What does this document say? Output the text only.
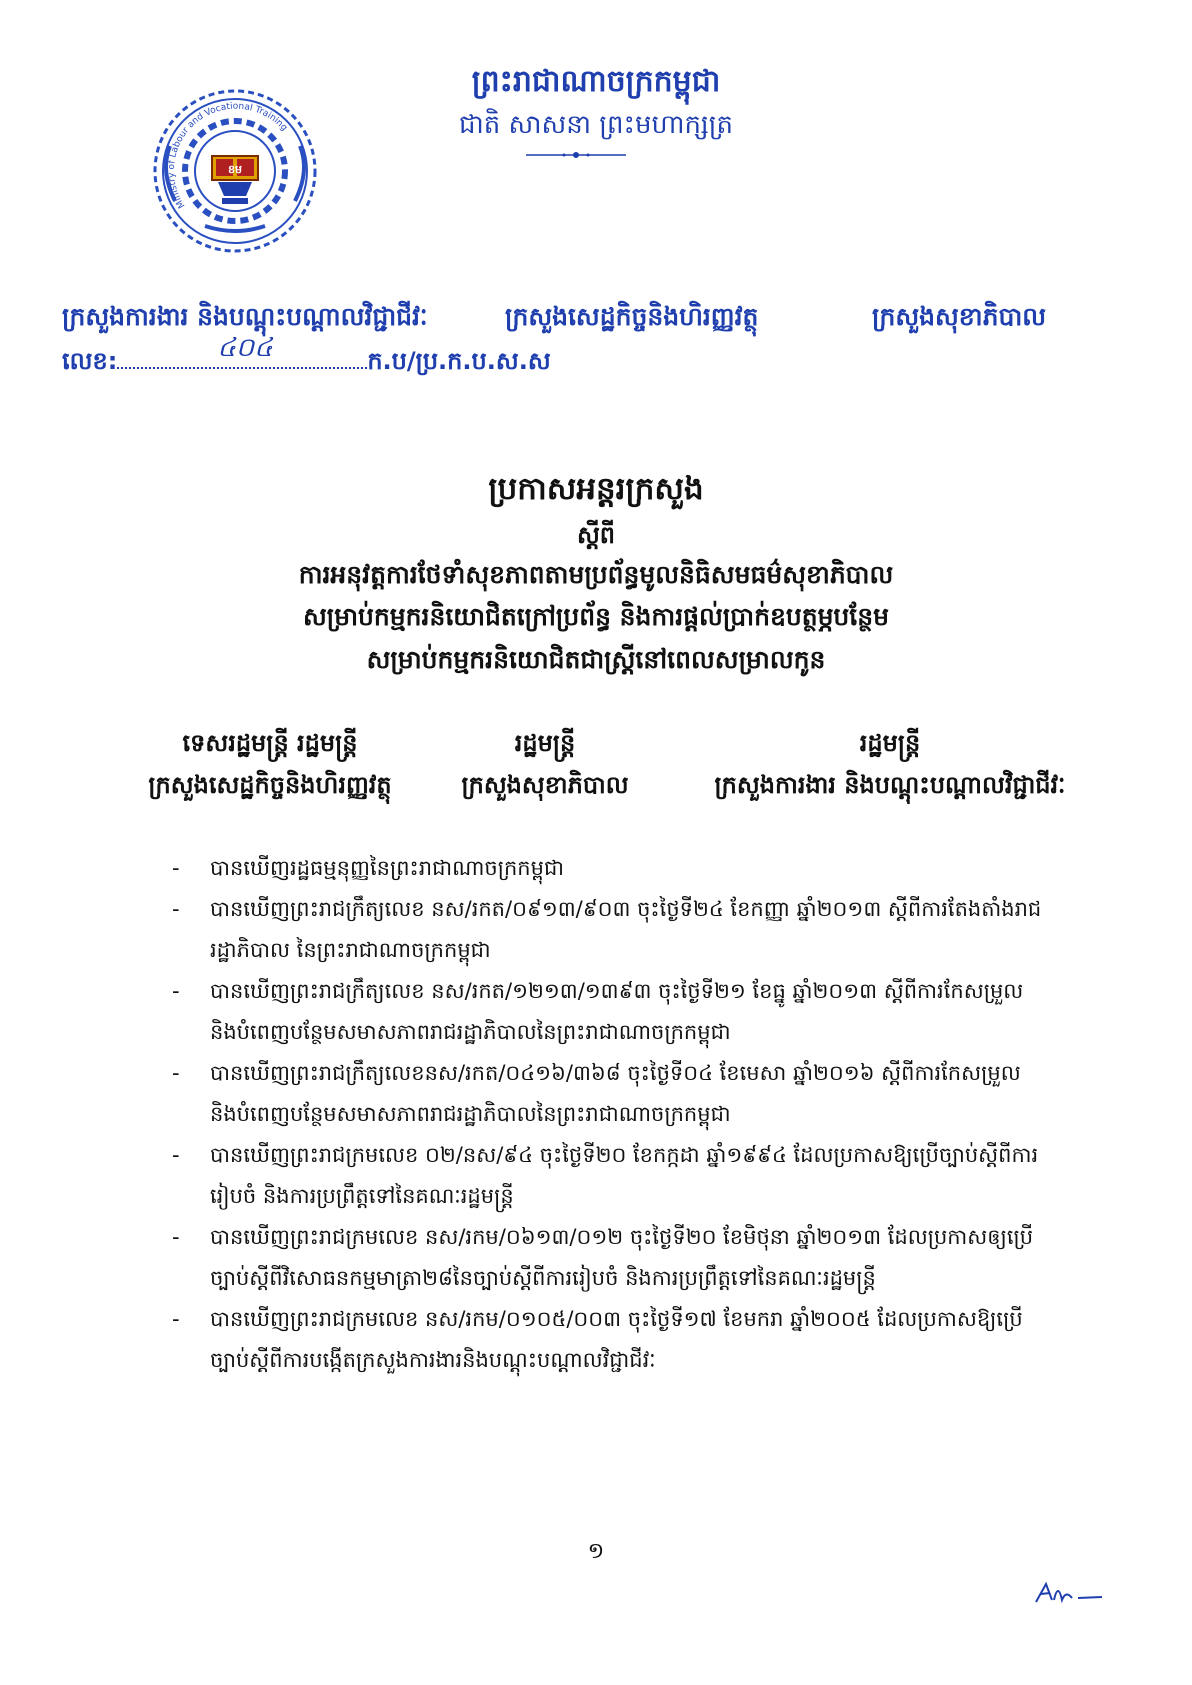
ព្រះរាជាណាចក្រកម្ពុជា
ជាតិ សាសនា ព្រះមហាក្សត្រ
Ministry of Labour and Vocational Training
ខម
ក្រសួងការងារ និងបណ្តុះបណ្តាលវិជ្ជាជីវៈ	ក្រសួងសេដ្ឋកិច្ចនិងហិរញ្ញវត្ថុ	ក្រសួងសុខាភិបាល
លេខ:	៤០៤	ក.ប/ប្រ.ក.ប.ស.ស
ប្រកាសអន្តរក្រសួង
ស្តីពី
ការអនុវត្តការថែទាំសុខភាពតាមប្រព័ន្ធមូលនិធិសមធម៌សុខាភិបាល
សម្រាប់កម្មករនិយោជិតក្រៅប្រព័ន្ធ និងការផ្តល់ប្រាក់ឧបត្ថម្ភបន្ថែម
សម្រាប់កម្មករនិយោជិតជាស្ត្រីនៅពេលសម្រាលកូន
ទេសរដ្ឋមន្ត្រី រដ្ឋមន្ត្រី
ក្រសួងសេដ្ឋកិច្ចនិងហិរញ្ញវត្ថុ
រដ្ឋមន្ត្រី
ក្រសួងសុខាភិបាល
រដ្ឋមន្ត្រី
ក្រសួងការងារ និងបណ្តុះបណ្តាលវិជ្ជាជីវៈ
- បានឃើញរដ្ឋធម្មនុញ្ញនៃព្រះរាជាណាចក្រកម្ពុជា
- បានឃើញព្រះរាជក្រឹត្យលេខ នស/រកត/០៩១៣/៩០៣ ចុះថ្ងៃទី២៤ ខែកញ្ញា ឆ្នាំ២០១៣ ស្តីពីការតែងតាំងរាជរដ្ឋាភិបាល នៃព្រះរាជាណាចក្រកម្ពុជា
- បានឃើញព្រះរាជក្រឹត្យលេខ នស/រកត/១២១៣/១៣៩៣ ចុះថ្ងៃទី២១ ខែធ្នូ ឆ្នាំ២០១៣ ស្តីពីការកែសម្រួលនិងបំពេញបន្ថែមសមាសភាពរាជរដ្ឋាភិបាលនៃព្រះរាជាណាចក្រកម្ពុជា
- បានឃើញព្រះរាជក្រឹត្យលេខនស/រកត/០៤១៦/៣៦៨ ចុះថ្ងៃទី០៤ ខែមេសា ឆ្នាំ២០១៦ ស្តីពីការកែសម្រួលនិងបំពេញបន្ថែមសមាសភាពរាជរដ្ឋាភិបាលនៃព្រះរាជាណាចក្រកម្ពុជា
- បានឃើញព្រះរាជក្រមលេខ ០២/នស/៩៤ ចុះថ្ងៃទី២០ ខែកក្កដា ឆ្នាំ១៩៩៤ ដែលប្រកាសឱ្យប្រើច្បាប់ស្តីពីការរៀបចំ និងការប្រព្រឹត្តទៅនៃគណៈរដ្ឋមន្ត្រី
- បានឃើញព្រះរាជក្រមលេខ នស/រកម/០៦១៣/០១២ ចុះថ្ងៃទី២០ ខែមិថុនា ឆ្នាំ២០១៣ ដែលប្រកាសឲ្យប្រើច្បាប់ស្តីពីវិសោធនកម្មមាត្រា២៨នៃច្បាប់ស្តីពីការរៀបចំ និងការប្រព្រឹត្តទៅនៃគណៈរដ្ឋមន្ត្រី
- បានឃើញព្រះរាជក្រមលេខ នស/រកម/០១០៥/០០៣ ចុះថ្ងៃទី១៧ ខែមករា ឆ្នាំ២០០៥ ដែលប្រកាសឱ្យប្រើច្បាប់ស្តីពីការបង្កើតក្រសួងការងារនិងបណ្តុះបណ្តាលវិជ្ជាជីវៈ
១
